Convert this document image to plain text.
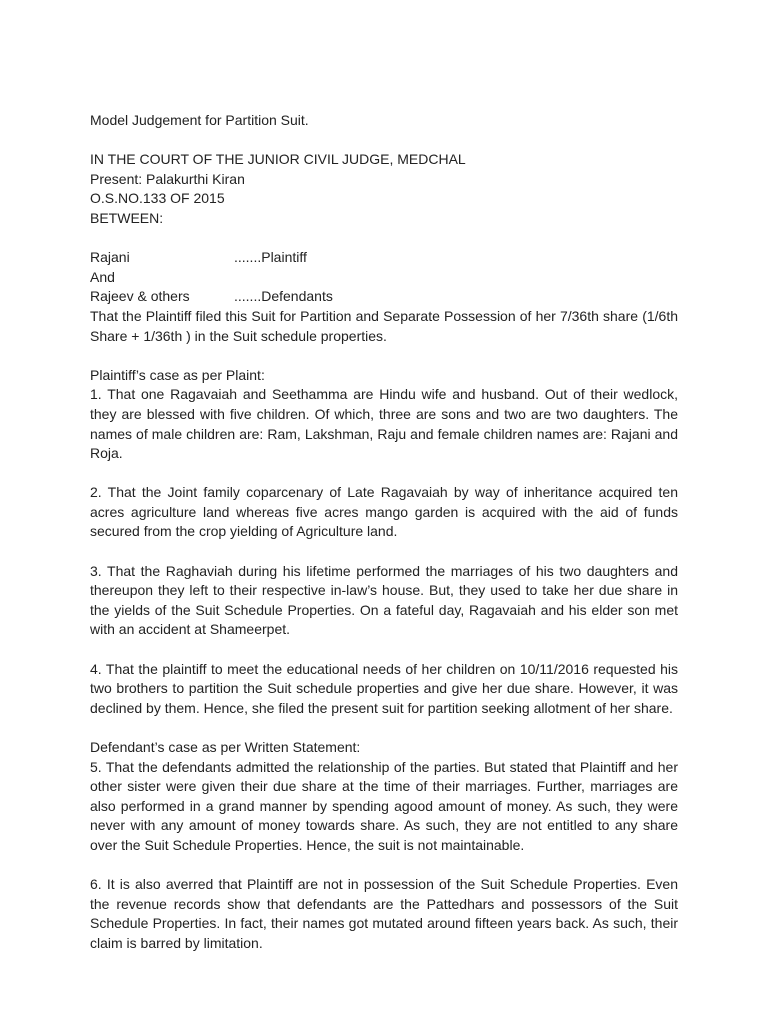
Model Judgement for Partition Suit.

IN THE COURT OF THE JUNIOR CIVIL JUDGE, MEDCHAL

Present: Palakurthi Kiran

O.S.NO.133 OF 2015

BETWEEN:

Rajani	.......Plaintiff

And

Rajeev & others	.......Defendants

That the Plaintiff filed this Suit for Partition and Separate Possession of her 7/36th share (1/6th Share + 1/36th ) in the Suit schedule properties.

Plaintiff’s case as per Plaint:

1. That one Ragavaiah and Seethamma are Hindu wife and husband. Out of their wedlock, they are blessed with five children. Of which, three are sons and two are two daughters. The names of male children are: Ram, Lakshman, Raju and female children names are: Rajani and Roja.

2. That the Joint family coparcenary of Late Ragavaiah by way of inheritance acquired ten acres agriculture land whereas five acres mango garden is acquired with the aid of funds secured from the crop yielding of Agriculture land.

3. That the Raghaviah during his lifetime performed the marriages of his two daughters and thereupon they left to their respective in-law’s house. But, they used to take her due share in the yields of the Suit Schedule Properties. On a fateful day, Ragavaiah and his elder son met with an accident at Shameerpet.

4. That the plaintiff to meet the educational needs of her children on 10/11/2016 requested his two brothers to partition the Suit schedule properties and give her due share. However, it was declined by them. Hence, she filed the present suit for partition seeking allotment of her share.

Defendant’s case as per Written Statement:

5. That the defendants admitted the relationship of the parties. But stated that Plaintiff and her other sister were given their due share at the time of their marriages. Further, marriages are also performed in a grand manner by spending agood amount of money. As such, they were never with any amount of money towards share. As such, they are not entitled to any share over the Suit Schedule Properties. Hence, the suit is not maintainable.

6. It is also averred that Plaintiff are not in possession of the Suit Schedule Properties. Even the revenue records show that defendants are the Pattedhars and possessors of the Suit Schedule Properties. In fact, their names got mutated around fifteen years back. As such, their claim is barred by limitation.
